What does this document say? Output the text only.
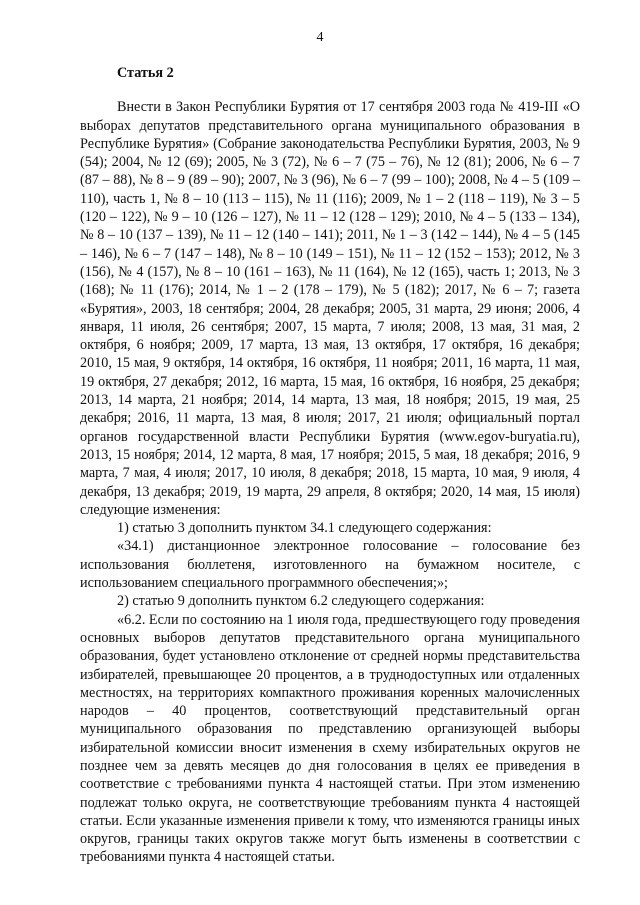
4

Статья 2

Внести в Закон Республики Бурятия от 17 сентября 2003 года № 419-III «О выборах депутатов представительного органа муниципального образования в Республике Бурятия» (Собрание законодательства Республики Бурятия, 2003, № 9 (54); 2004, № 12 (69); 2005, № 3 (72), № 6 – 7 (75 – 76), № 12 (81); 2006, № 6 – 7 (87 – 88), № 8 – 9 (89 – 90); 2007, № 3 (96), № 6 – 7 (99 – 100); 2008, № 4 – 5 (109 – 110), часть 1, № 8 – 10 (113 – 115), № 11 (116); 2009, № 1 – 2 (118 – 119), № 3 – 5 (120 – 122), № 9 – 10 (126 – 127), № 11 – 12 (128 – 129); 2010, № 4 – 5 (133 – 134), № 8 – 10 (137 – 139), № 11 – 12 (140 – 141); 2011, № 1 – 3 (142 – 144), № 4 – 5 (145 – 146), № 6 – 7 (147 – 148), № 8 – 10 (149 – 151), № 11 – 12 (152 – 153); 2012, № 3 (156), № 4 (157), № 8 – 10 (161 – 163), № 11 (164), № 12 (165), часть 1; 2013, № 3 (168); № 11 (176); 2014, № 1 – 2 (178 – 179), № 5 (182); 2017, № 6 – 7; газета «Бурятия», 2003, 18 сентября; 2004, 28 декабря; 2005, 31 марта, 29 июня; 2006, 4 января, 11 июля, 26 сентября; 2007, 15 марта, 7 июля; 2008, 13 мая, 31 мая, 2 октября, 6 ноября; 2009, 17 марта, 13 мая, 13 октября, 17 октября, 16 декабря; 2010, 15 мая, 9 октября, 14 октября, 16 октября, 11 ноября; 2011, 16 марта, 11 мая, 19 октября, 27 декабря; 2012, 16 марта, 15 мая, 16 октября, 16 ноября, 25 декабря; 2013, 14 марта, 21 ноября; 2014, 14 марта, 13 мая, 18 ноября; 2015, 19 мая, 25 декабря; 2016, 11 марта, 13 мая, 8 июля; 2017, 21 июля; официальный портал органов государственной власти Республики Бурятия (www.egov-buryatia.ru), 2013, 15 ноября; 2014, 12 марта, 8 мая, 17 ноября; 2015, 5 мая, 18 декабря; 2016, 9 марта, 7 мая, 4 июля; 2017, 10 июля, 8 декабря; 2018, 15 марта, 10 мая, 9 июля, 4 декабря, 13 декабря; 2019, 19 марта, 29 апреля, 8 октября; 2020, 14 мая, 15 июля) следующие изменения:

1) статью 3 дополнить пунктом 34.1 следующего содержания:

«34.1) дистанционное электронное голосование – голосование без использования бюллетеня, изготовленного на бумажном носителе, с использованием специального программного обеспечения;»;

2) статью 9 дополнить пунктом 6.2 следующего содержания:

«6.2. Если по состоянию на 1 июля года, предшествующего году проведения основных выборов депутатов представительного органа муниципального образования, будет установлено отклонение от средней нормы представительства избирателей, превышающее 20 процентов, а в труднодоступных или отдаленных местностях, на территориях компактного проживания коренных малочисленных народов – 40 процентов, соответствующий представительный орган муниципального образования по представлению организующей выборы избирательной комиссии вносит изменения в схему избирательных округов не позднее чем за девять месяцев до дня голосования в целях ее приведения в соответствие с требованиями пункта 4 настоящей статьи. При этом изменению подлежат только округа, не соответствующие требованиям пункта 4 настоящей статьи. Если указанные изменения привели к тому, что изменяются границы иных округов, границы таких округов также могут быть изменены в соответствии с требованиями пункта 4 настоящей статьи.
